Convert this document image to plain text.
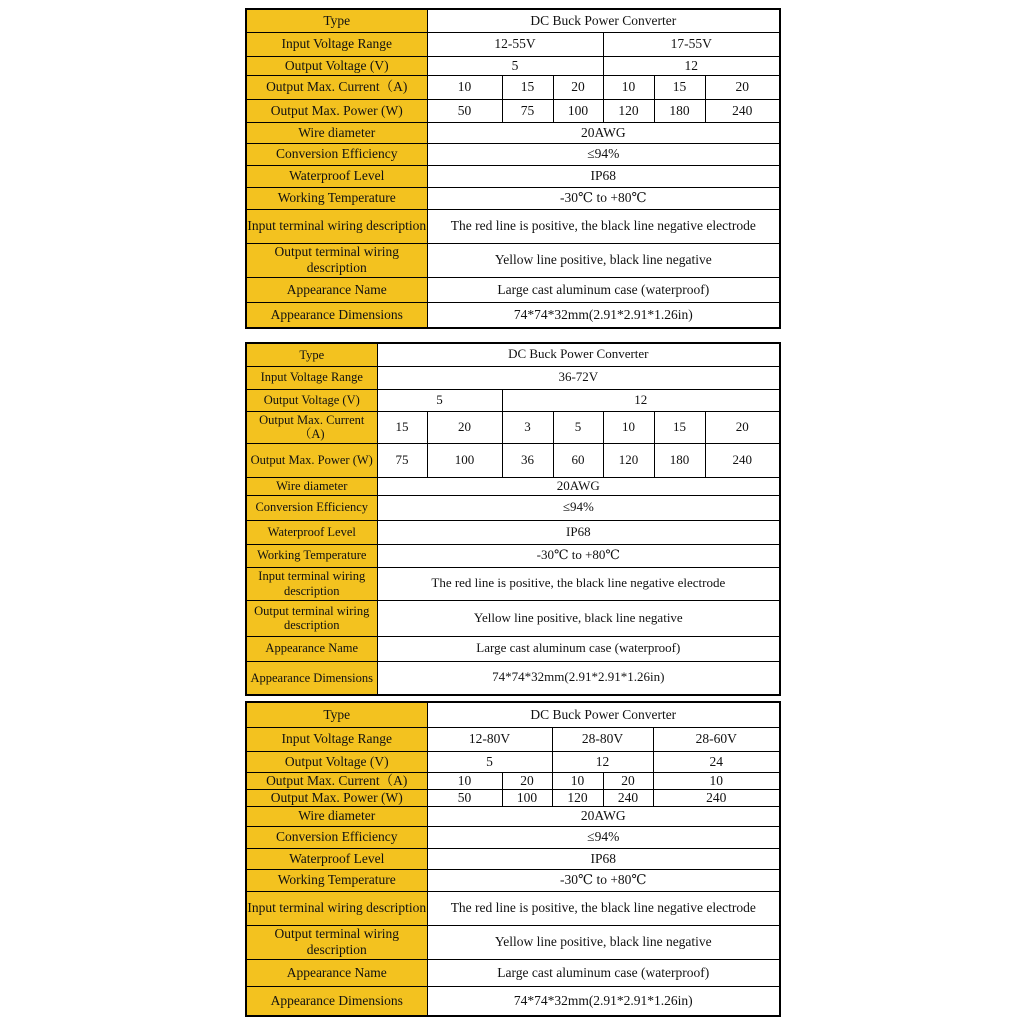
Type	DC Buck Power Converter					
Input Voltage Range	12-55V			17-55V		
Output Voltage (V)	5			12		
Output Max. Current（A)	10	15	20	10	15	20
Output Max. Power (W)	50	75	100	120	180	240
Wire diameter	20AWG					
Conversion Efficiency	≤94%					
Waterproof Level	IP68					
Working Temperature	-30℃ to +80℃					
Input terminal wiring description	The red line is positive, the black line negative electrode					
Output terminal wiring description	Yellow line positive, black line negative					
Appearance Name	Large cast aluminum case (waterproof)					
Appearance Dimensions	74*74*32mm(2.91*2.91*1.26in)					
Type	DC Buck Power Converter						
Input Voltage Range	36-72V						
Output Voltage (V)	5		12				
Output Max. Current（A)	15	20	3	5	10	15	20
Output Max. Power (W)	75	100	36	60	120	180	240
Wire diameter	20AWG						
Conversion Efficiency	≤94%						
Waterproof Level	IP68						
Working Temperature	-30℃ to +80℃						
Input terminal wiring description	The red line is positive, the black line negative electrode						
Output terminal wiring description	Yellow line positive, black line negative						
Appearance Name	Large cast aluminum case (waterproof)						
Appearance Dimensions	74*74*32mm(2.91*2.91*1.26in)						
Type	DC Buck Power Converter				
Input Voltage Range	12-80V		28-80V		28-60V
Output Voltage (V)	5		12		24
Output Max. Current（A)	10	20	10	20	10
Output Max. Power (W)	50	100	120	240	240
Wire diameter	20AWG				
Conversion Efficiency	≤94%				
Waterproof Level	IP68				
Working Temperature	-30℃ to +80℃				
Input terminal wiring description	The red line is positive, the black line negative electrode				
Output terminal wiring description	Yellow line positive, black line negative				
Appearance Name	Large cast aluminum case (waterproof)				
Appearance Dimensions	74*74*32mm(2.91*2.91*1.26in)				
